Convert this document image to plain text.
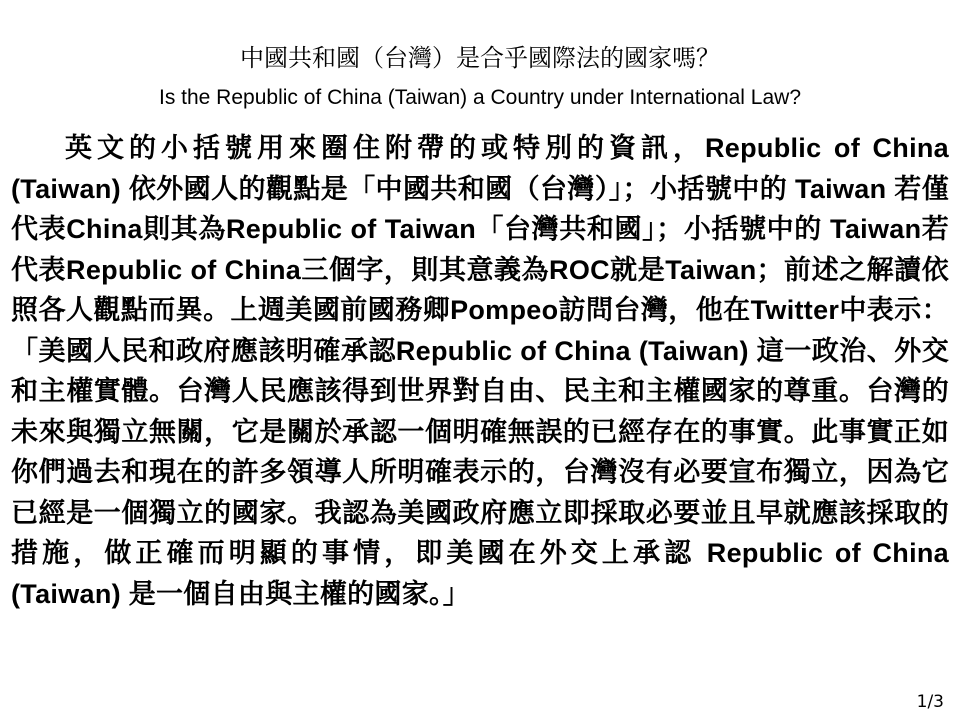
中國共和國（台灣）是合乎國際法的國家嗎？
Is the Republic of China (Taiwan) a Country under International Law?

英文的小括號用來圈住附帶的或特別的資訊，Republic of China (Taiwan) 依外國人的觀點是「中國共和國（台灣）」；小括號中的 Taiwan 若僅代表China則其為Republic of Taiwan「台灣共和國」；小括號中的 Taiwan若代表Republic of China三個字，則其意義為ROC就是Taiwan；前述之解讀依照各人觀點而異。上週美國前國務卿Pompeo訪問台灣，他在Twitter中表示：「美國人民和政府應該明確承認Republic of China (Taiwan) 這一政治、外交和主權實體。台灣人民應該得到世界對自由、民主和主權國家的尊重。台灣的未來與獨立無關，它是關於承認一個明確無誤的已經存在的事實。此事實正如你們過去和現在的許多領導人所明確表示的，台灣沒有必要宣布獨立，因為它已經是一個獨立的國家。我認為美國政府應立即採取必要並且早就應該採取的措施，做正確而明顯的事情，即美國在外交上承認 Republic of China (Taiwan) 是一個自由與主權的國家。」

1/3
